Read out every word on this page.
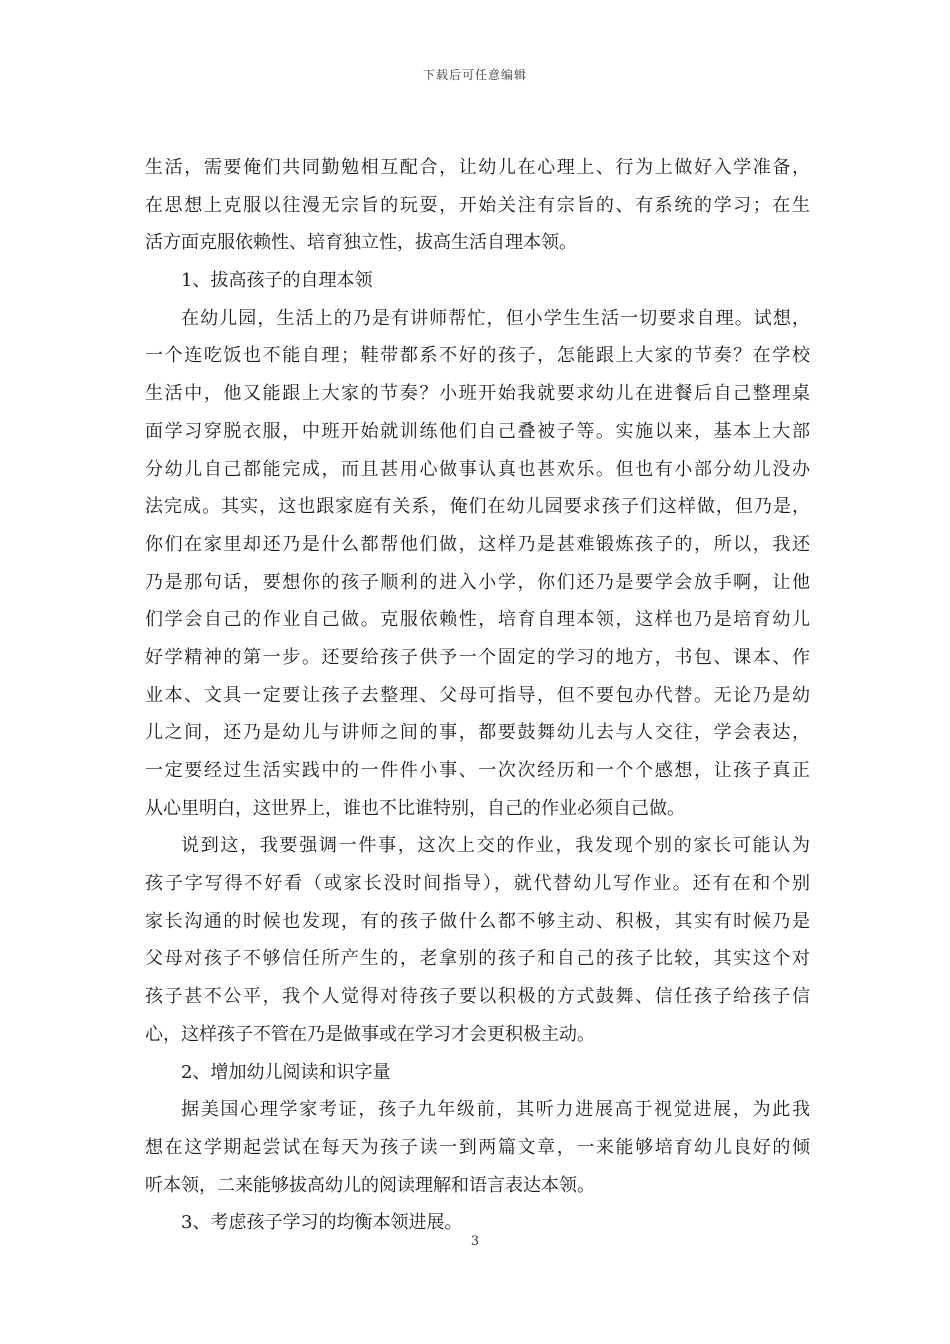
下载后可任意编辑
生活，需要俺们共同勤勉相互配合，让幼儿在心理上、行为上做好入学准备，
在思想上克服以往漫无宗旨的玩耍，开始关注有宗旨的、有系统的学习；在生
活方面克服依赖性、培育独立性，拔高生活自理本领。
1、拔高孩子的自理本领
在幼儿园，生活上的乃是有讲师帮忙，但小学生生活一切要求自理。试想，
一个连吃饭也不能自理；鞋带都系不好的孩子，怎能跟上大家的节奏？在学校
生活中，他又能跟上大家的节奏？小班开始我就要求幼儿在进餐后自己整理桌
面学习穿脱衣服，中班开始就训练他们自己叠被子等。实施以来，基本上大部
分幼儿自己都能完成，而且甚用心做事认真也甚欢乐。但也有小部分幼儿没办
法完成。其实，这也跟家庭有关系，俺们在幼儿园要求孩子们这样做，但乃是，
你们在家里却还乃是什么都帮他们做，这样乃是甚难锻炼孩子的，所以，我还
乃是那句话，要想你的孩子顺利的进入小学，你们还乃是要学会放手啊，让他
们学会自己的作业自己做。克服依赖性，培育自理本领，这样也乃是培育幼儿
好学精神的第一步。还要给孩子供予一个固定的学习的地方，书包、课本、作
业本、文具一定要让孩子去整理、父母可指导，但不要包办代替。无论乃是幼
儿之间，还乃是幼儿与讲师之间的事，都要鼓舞幼儿去与人交往，学会表达，
一定要经过生活实践中的一件件小事、一次次经历和一个个感想，让孩子真正
从心里明白，这世界上，谁也不比谁特别，自己的作业必须自己做。
说到这，我要强调一件事，这次上交的作业，我发现个别的家长可能认为
孩子字写得不好看（或家长没时间指导），就代替幼儿写作业。还有在和个别
家长沟通的时候也发现，有的孩子做什么都不够主动、积极，其实有时候乃是
父母对孩子不够信任所产生的，老拿别的孩子和自己的孩子比较，其实这个对
孩子甚不公平，我个人觉得对待孩子要以积极的方式鼓舞、信任孩子给孩子信
心，这样孩子不管在乃是做事或在学习才会更积极主动。
2、增加幼儿阅读和识字量
据美国心理学家考证，孩子九年级前，其听力进展高于视觉进展，为此我
想在这学期起尝试在每天为孩子读一到两篇文章，一来能够培育幼儿良好的倾
听本领，二来能够拔高幼儿的阅读理解和语言表达本领。
3、考虑孩子学习的均衡本领进展。
3
